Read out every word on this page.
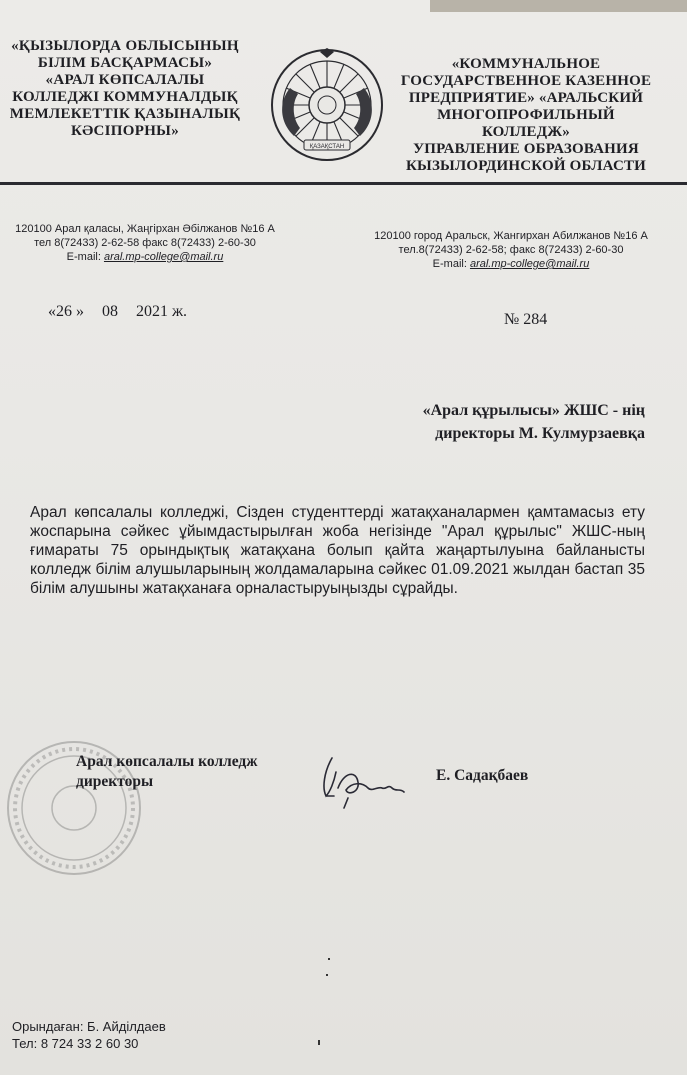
«ҚЫЗЫЛОРДА ОБЛЫСЫНЫҢ
БІЛІМ БАСҚАРМАСЫ»
«АРАЛ КӨПСАЛАЛЫ
КОЛЛЕДЖІ КОММУНАЛДЫҚ
МЕМЛЕКЕТТІК ҚАЗЫНАЛЫҚ
КӘСІПОРНЫ»
ҚАЗАҚСТАН
«КОММУНАЛЬНОЕ
ГОСУДАРСТВЕННОЕ КАЗЕННОЕ
ПРЕДПРИЯТИЕ» «АРАЛЬСКИЙ
МНОГОПРОФИЛЬНЫЙ
КОЛЛЕДЖ»
УПРАВЛЕНИЕ ОБРАЗОВАНИЯ
КЫЗЫЛОРДИНСКОЙ ОБЛАСТИ
120100 Арал қаласы, Жаңгірхан Әбілжанов №16 А
тел 8(72433) 2-62-58 факс 8(72433) 2-60-30
E-mail: aral.mp-college@mail.ru
120100 город Аральск, Жангирхан Абилжанов №16 А
тел.8(72433) 2-62-58; факс 8(72433) 2-60-30
E-mail: aral.mp-college@mail.ru
«26 » 08 2021 ж.	№ 284
«Арал құрылысы» ЖШС - нің
директоры М. Кулмурзаевқа
Арал көпсалалы колледжі, Сізден студенттерді жатақханалармен қамтамасыз ету жоспарына сәйкес ұйымдастырылған жоба негізінде "Арал құрылыс" ЖШС-ның ғимараты 75 орындықтық жатақхана болып қайта жаңартылуына байланысты колледж білім алушыларының жолдамаларына сәйкес 01.09.2021 жылдан бастап 35 білім алушыны жатақханаға орналастыруыңызды сұрайды.
Арал көпсалалы колледж
директоры	Е. Садақбаев
Орындаған: Б. Айділдаев
Тел: 8 724 33 2 60 30
